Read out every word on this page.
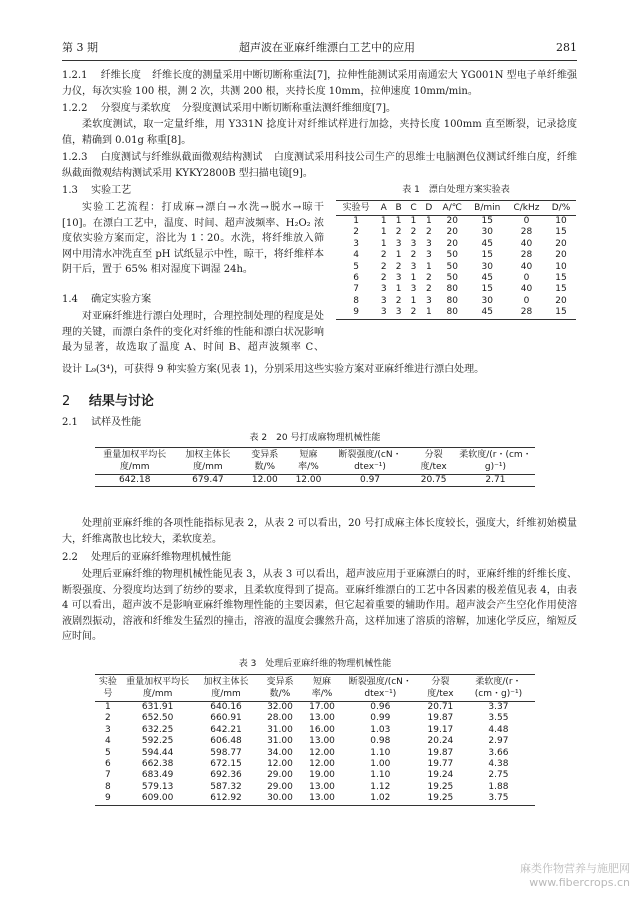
第 3 期	超声波在亚麻纤维漂白工艺中的应用	281

1.2.1 纤维长度 纤维长度的测量采用中断切断称重法[7]，拉伸性能测试采用南通宏大 YG001N 型电子单纤维强力仪，每次实验 100 根，测 2 次，共测 200 根，夹持长度 10mm，拉伸速度 10mm/min。

1.2.2 分裂度与柔软度 分裂度测试采用中断切断称重法测纤维细度[7]。

柔软度测试，取一定量纤维，用 Y331N 捻度计对纤维试样进行加捻，夹持长度 100mm 直至断裂，记录捻度值，精确到 0.01g 称重[8]。

1.2.3 白度测试与纤维纵截面微观结构测试 白度测试采用科技公司生产的思维士电脑测色仪测试纤维白度，纤维纵截面微观结构测试采用 KYKY2800B 型扫描电镜[9]。

1.3 实验工艺

实验工艺流程：打成麻→漂白→水洗→脱水→晾干[10]。在漂白工艺中，温度、时间、超声波频率、H₂O₂ 浓度依实验方案而定，浴比为 1∶20。水洗，将纤维放入筛网中用清水冲洗直至 pH 试纸显示中性，晾干，将纤维样本阴干后，置于 65% 相对湿度下调湿 24h。

1.4 确定实验方案

对亚麻纤维进行漂白处理时，合理控制处理的程度是处理的关键，而漂白条件的变化对纤维的性能和漂白状况影响最为显著，故选取了温度 A、时间 B、超声波频率 C、

设计 L₉(3⁴)，可获得 9 种实验方案(见表 1)，分别采用这些实验方案对亚麻纤维进行漂白处理。

表 1　漂白处理方案实验表
实验号	A	B	C	D	A/℃	B/min	C/kHz	D/%
1	1	1	1	1	20	15	0	10
2	1	2	2	2	20	30	28	15
3	1	3	3	3	20	45	40	20
4	2	1	2	3	50	15	28	20
5	2	2	3	1	50	30	40	10
6	2	3	1	2	50	45	0	15
7	3	1	3	2	80	15	40	15
8	3	2	1	3	80	30	0	20
9	3	3	2	1	80	45	28	15
2 结果与讨论
2.1 试样及性能
表 2　20 号打成麻物理机械性能
重量加权平均长度/mm	加权主体长度/mm	变异系数/%	短麻率/%	断裂强度/(cN・dtex⁻¹)	分裂度/tex	柔软度/(r・(cm・g)⁻¹)
642.18	679.47	12.00	12.00	0.97	20.75	2.71

处理前亚麻纤维的各项性能指标见表 2，从表 2 可以看出，20 号打成麻主体长度较长，强度大，纤维初始模量大，纤维离散也比较大，柔软度差。

2.2 处理后的亚麻纤维物理机械性能

处理后亚麻纤维的物理机械性能见表 3，从表 3 可以看出，超声波应用于亚麻漂白的时，亚麻纤维的纤维长度、断裂强度、分裂度均达到了纺纱的要求，且柔软度得到了提高。亚麻纤维漂白的工艺中各因素的极差值见表 4，由表 4 可以看出，超声波不是影响亚麻纤维物理性能的主要因素，但它起着重要的辅助作用。超声波会产生空化作用使溶液剧烈振动，溶液和纤维发生猛烈的撞击，溶液的温度会骤然升高，这样加速了溶质的溶解，加速化学反应，缩短反应时间。

表 3　处理后亚麻纤维的物理机械性能
实验号	重量加权平均长度/mm	加权主体长度/mm	变异系数/%	短麻率/%	断裂强度/(cN・dtex⁻¹)	分裂度/tex	柔软度/(r・(cm・g)⁻¹)
1	631.91	640.16	32.00	17.00	0.96	20.71	3.37
2	652.50	660.91	28.00	13.00	0.99	19.87	3.55
3	632.25	642.21	31.00	16.00	1.03	19.17	4.48
4	592.25	606.48	31.00	13.00	0.98	20.24	2.97
5	594.44	598.77	34.00	12.00	1.10	19.87	3.66
6	662.38	672.15	12.00	12.00	1.00	19.77	4.38
7	683.49	692.36	29.00	19.00	1.10	19.24	2.75
8	579.13	587.32	29.00	13.00	1.12	19.25	1.88
9	609.00	612.92	30.00	13.00	1.02	19.25	3.75
麻类作物营养与施肥网
www.fibercrops.cn
